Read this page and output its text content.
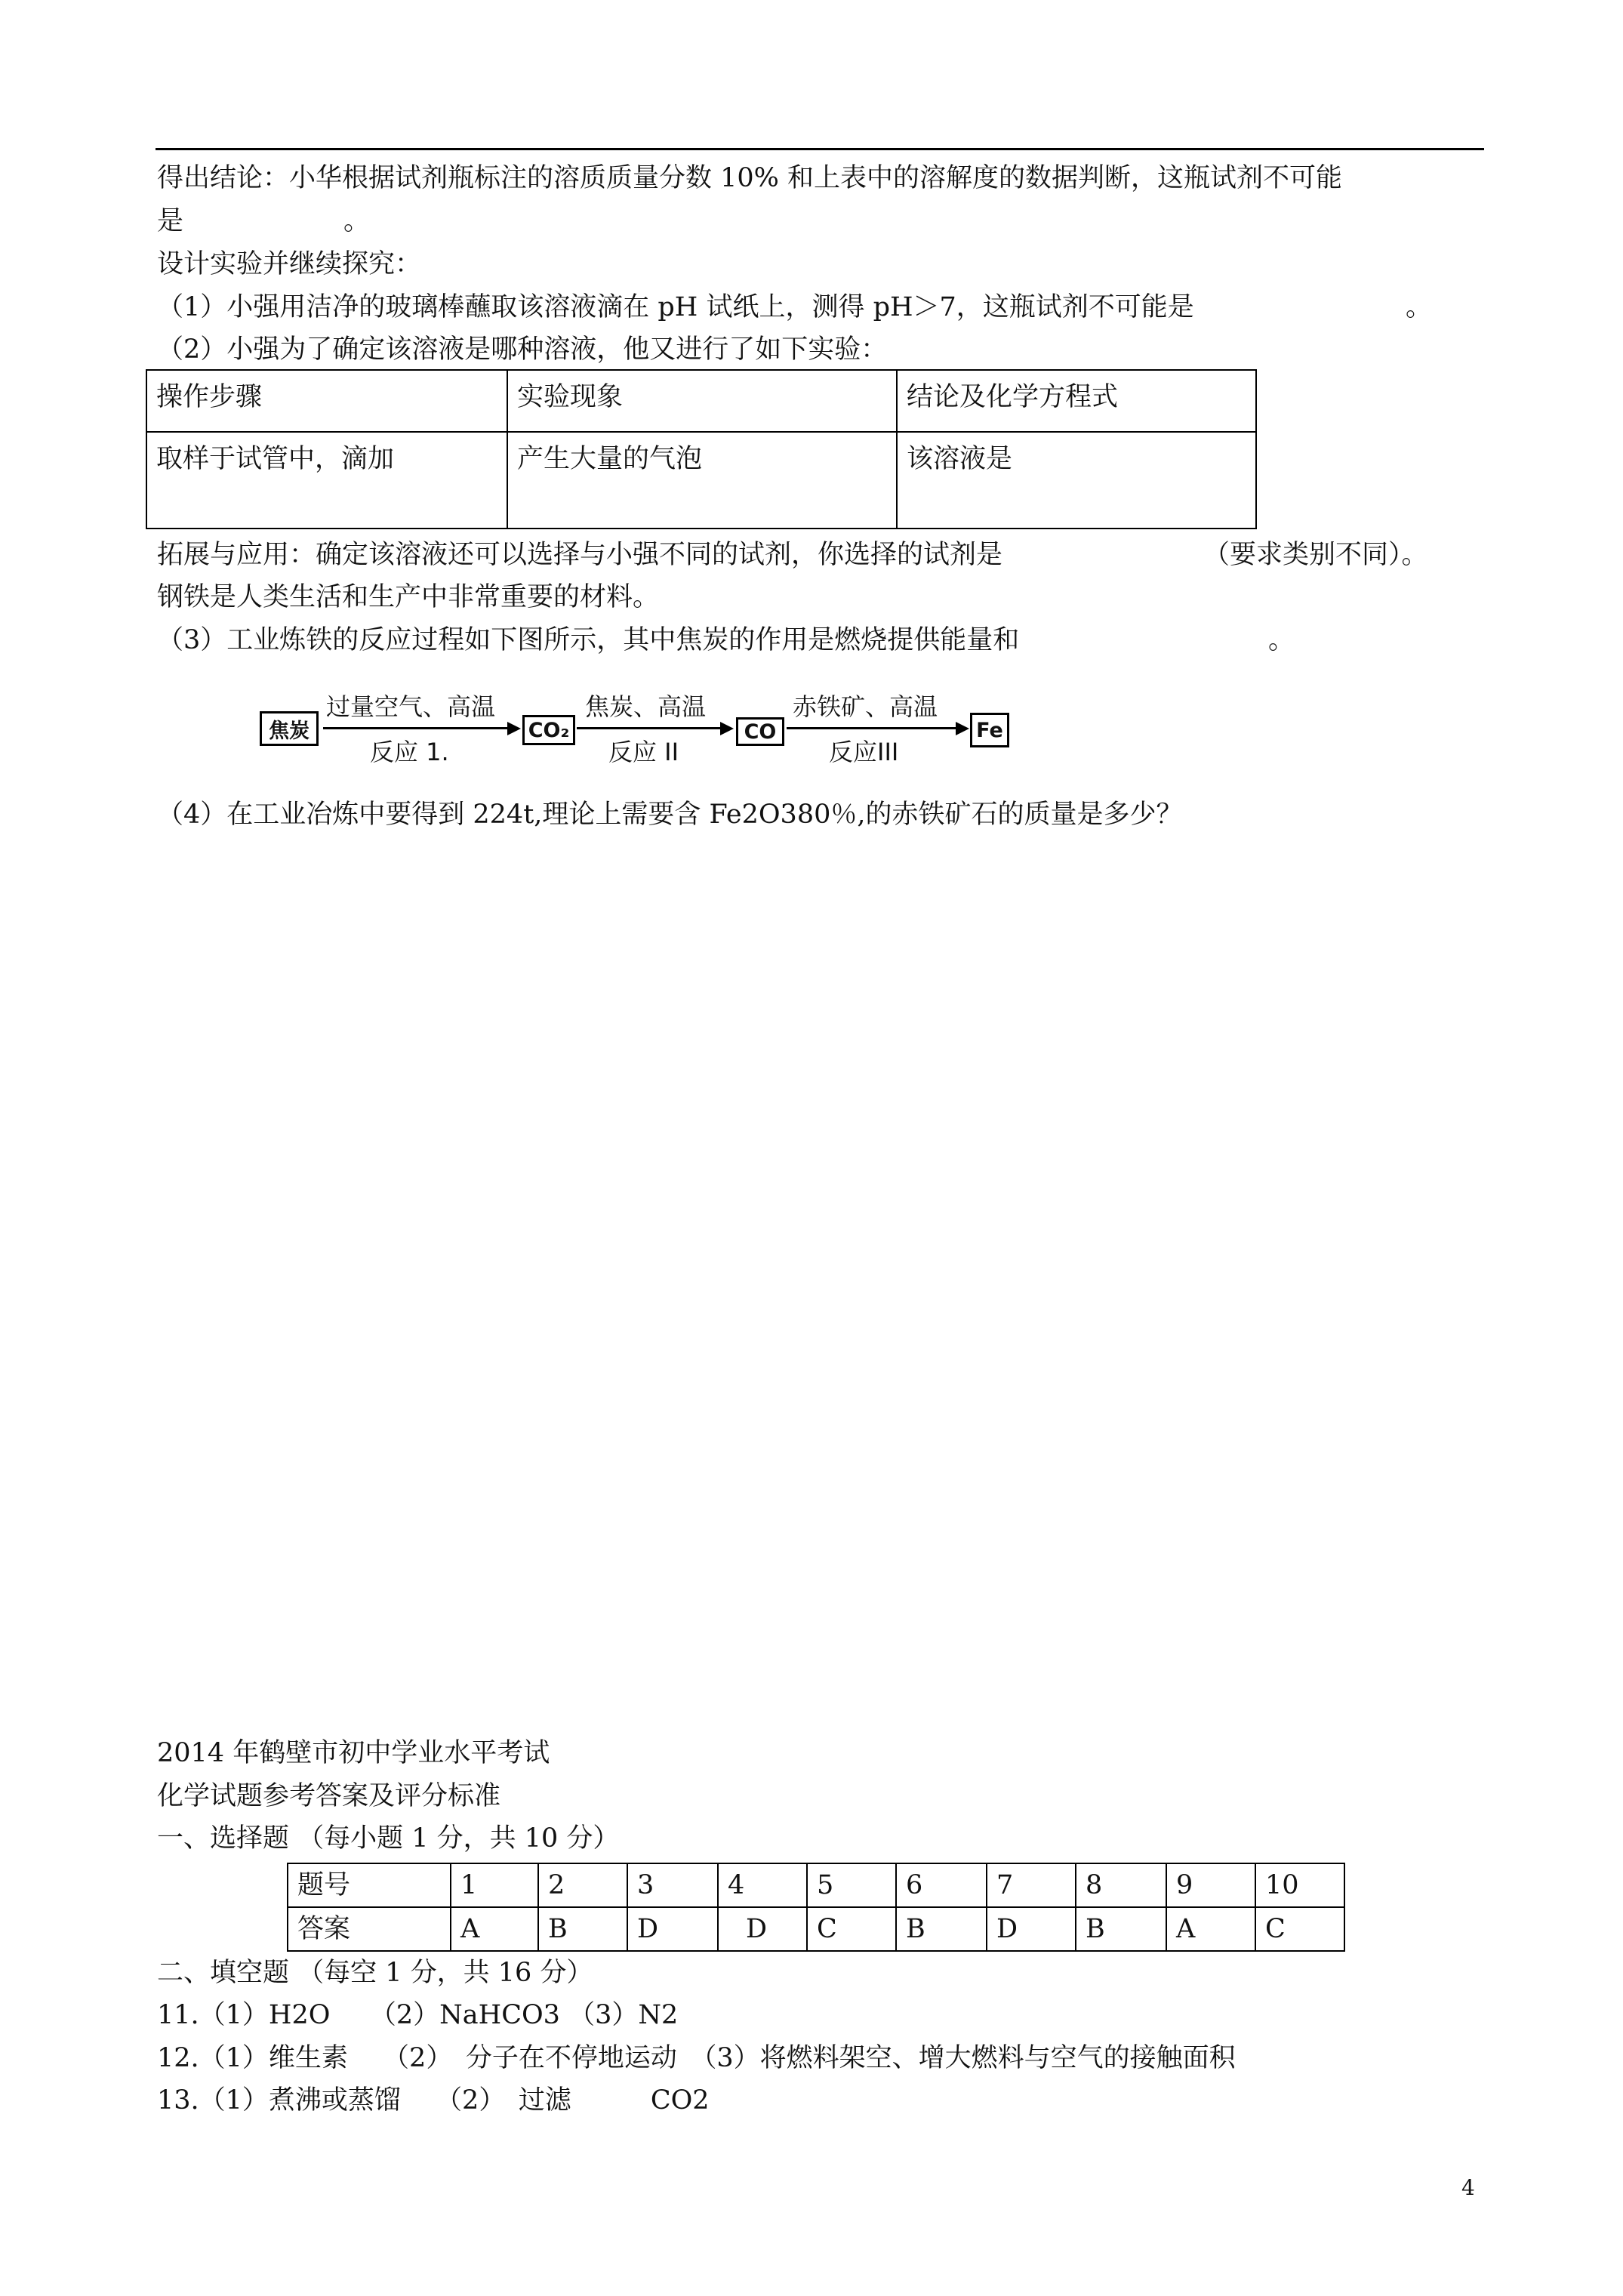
得出结论：小华根据试剂瓶标注的溶质质量分数 10% 和上表中的溶解度的数据判断，这瓶试剂不可能
是	。
设计实验并继续探究：
（1）小强用洁净的玻璃棒蘸取该溶液滴在 pH 试纸上，测得 pH＞7，这瓶试剂不可能是	。
（2）小强为了确定该溶液是哪种溶液，他又进行了如下实验：
操作步骤	实验现象	结论及化学方程式
取样于试管中，滴加	产生大量的气泡	该溶液是
拓展与应用：确定该溶液还可以选择与小强不同的试剂，你选择的试剂是	（要求类别不同）。
钢铁是人类生活和生产中非常重要的材料。
（3）工业炼铁的反应过程如下图所示，其中焦炭的作用是燃烧提供能量和	。
焦炭
过量空气、高温
反应 1.
CO₂
焦炭、高温
反应 II
CO
赤铁矿、高温
反应III
Fe
（4）在工业冶炼中要得到 224t,理论上需要含 Fe2O380％,的赤铁矿石的质量是多少？
2014 年鹤壁市初中学业水平考试
化学试题参考答案及评分标准
一、选择题 （每小题 1 分，共 10 分）
题号	1	2	3	4	5	6	7	8	9	10
答案	A	B	D	D	C	B	D	B	A	C
二、填空题 （每空 1 分，共 16 分）
11.（1）H2O　　（2）NaHCO3 （3）N2
12.（1）维生素　 （2）　分子在不停地运动　（3）将燃料架空、增大燃料与空气的接触面积
13.（1）煮沸或蒸馏　 （2）　过滤　　　CO2
4
